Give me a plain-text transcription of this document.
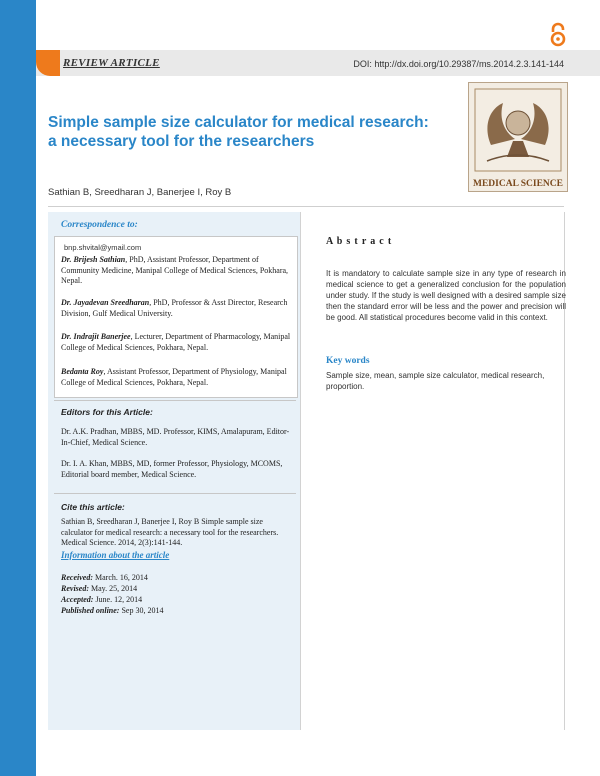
REVIEW ARTICLE	DOI: http://dx.doi.org/10.29387/ms.2014.2.3.141-144
Simple sample size calculator for medical research:
a necessary tool for the researchers
MEDICAL SCIENCE
Sathian B, Sreedharan J, Banerjee I, Roy B
Correspondence to:
bnp.shvital@ymail.com

Dr. Brijesh Sathian, PhD, Assistant Professor, Department of Community Medicine, Manipal College of Medical Sciences, Pokhara, Nepal.

Dr. Jayadevan Sreedharan, PhD, Professor & Asst Director, Research Division, Gulf Medical University.

Dr. Indrajit Banerjee, Lecturer, Department of Pharmacology, Manipal College of Medical Sciences, Pokhara, Nepal.

Bedanta Roy, Assistant Professor, Department of Physiology, Manipal College of Medical Sciences, Pokhara, Nepal.

Editors for this Article:

Dr. A.K. Pradhan, MBBS, MD. Professor, KIMS, Amalapuram, Editor-In-Chief, Medical Science.

Dr. I. A. Khan, MBBS, MD, former Professor, Physiology, MCOMS, Editorial board member, Medical Science.

Cite this article:

Sathian B, Sreedharan J, Banerjee I, Roy B Simple sample size calculator for medical research: a necessary tool for the researchers. Medical Science. 2014, 2(3):141-144.

Information about the article
Received: March. 16, 2014
Revised: May. 25, 2014
Accepted: June. 12, 2014
Published online: Sep 30, 2014
A b s t r a c t

It is mandatory to calculate sample size in any type of research in medical science to get a generalized conclusion for the population under study. If the study is well designed with a desired sample size then the standard error will be less and the power and precision will be good. All statistical procedures become valid in this context.

Key words

Sample size, mean, sample size calculator, medical research, proportion.
